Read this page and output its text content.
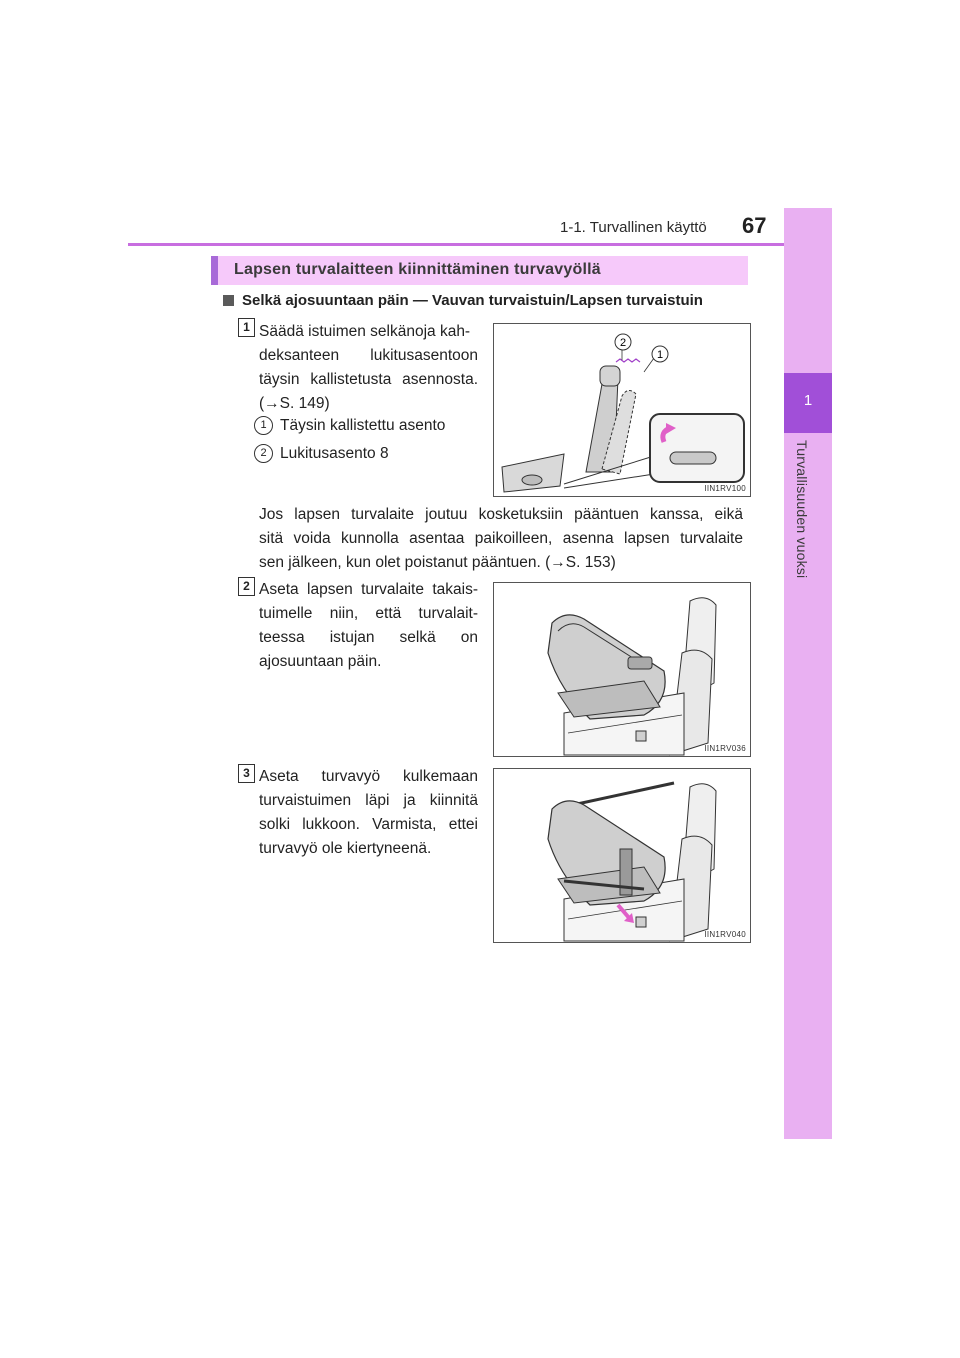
1-1. Turvallinen käyttö 67
1
Turvallisuuden vuoksi
Lapsen turvalaitteen kiinnittäminen turvavyöllä
Selkä ajosuuntaan päin — Vauvan turvaistuin/Lapsen turvaistuin
1 Säädä istuimen selkänoja kah-

deksanteen lukitusasentoon

täysin kallistetusta asennosta.

(→S. 149)

1 Täysin kallistettu asento
2 Lukitusasento 8

Jos lapsen turvalaite joutuu kosketuksiin pääntuen kanssa, eikä

sitä voida kunnolla asentaa paikoilleen, asenna lapsen turvalaite

sen jälkeen, kun olet poistanut pääntuen. (→S. 153)

2
1
IIN1RV100
2 Aseta lapsen turvalaite takais-

tuimelle niin, että turvalait-

teessa istujan selkä on

ajosuuntaan päin.

IIN1RV036
3 Aseta turvavyö kulkemaan

turvaistuimen läpi ja kiinnitä

solki lukkoon. Varmista, ettei

turvavyö ole kiertyneenä.

IIN1RV040
